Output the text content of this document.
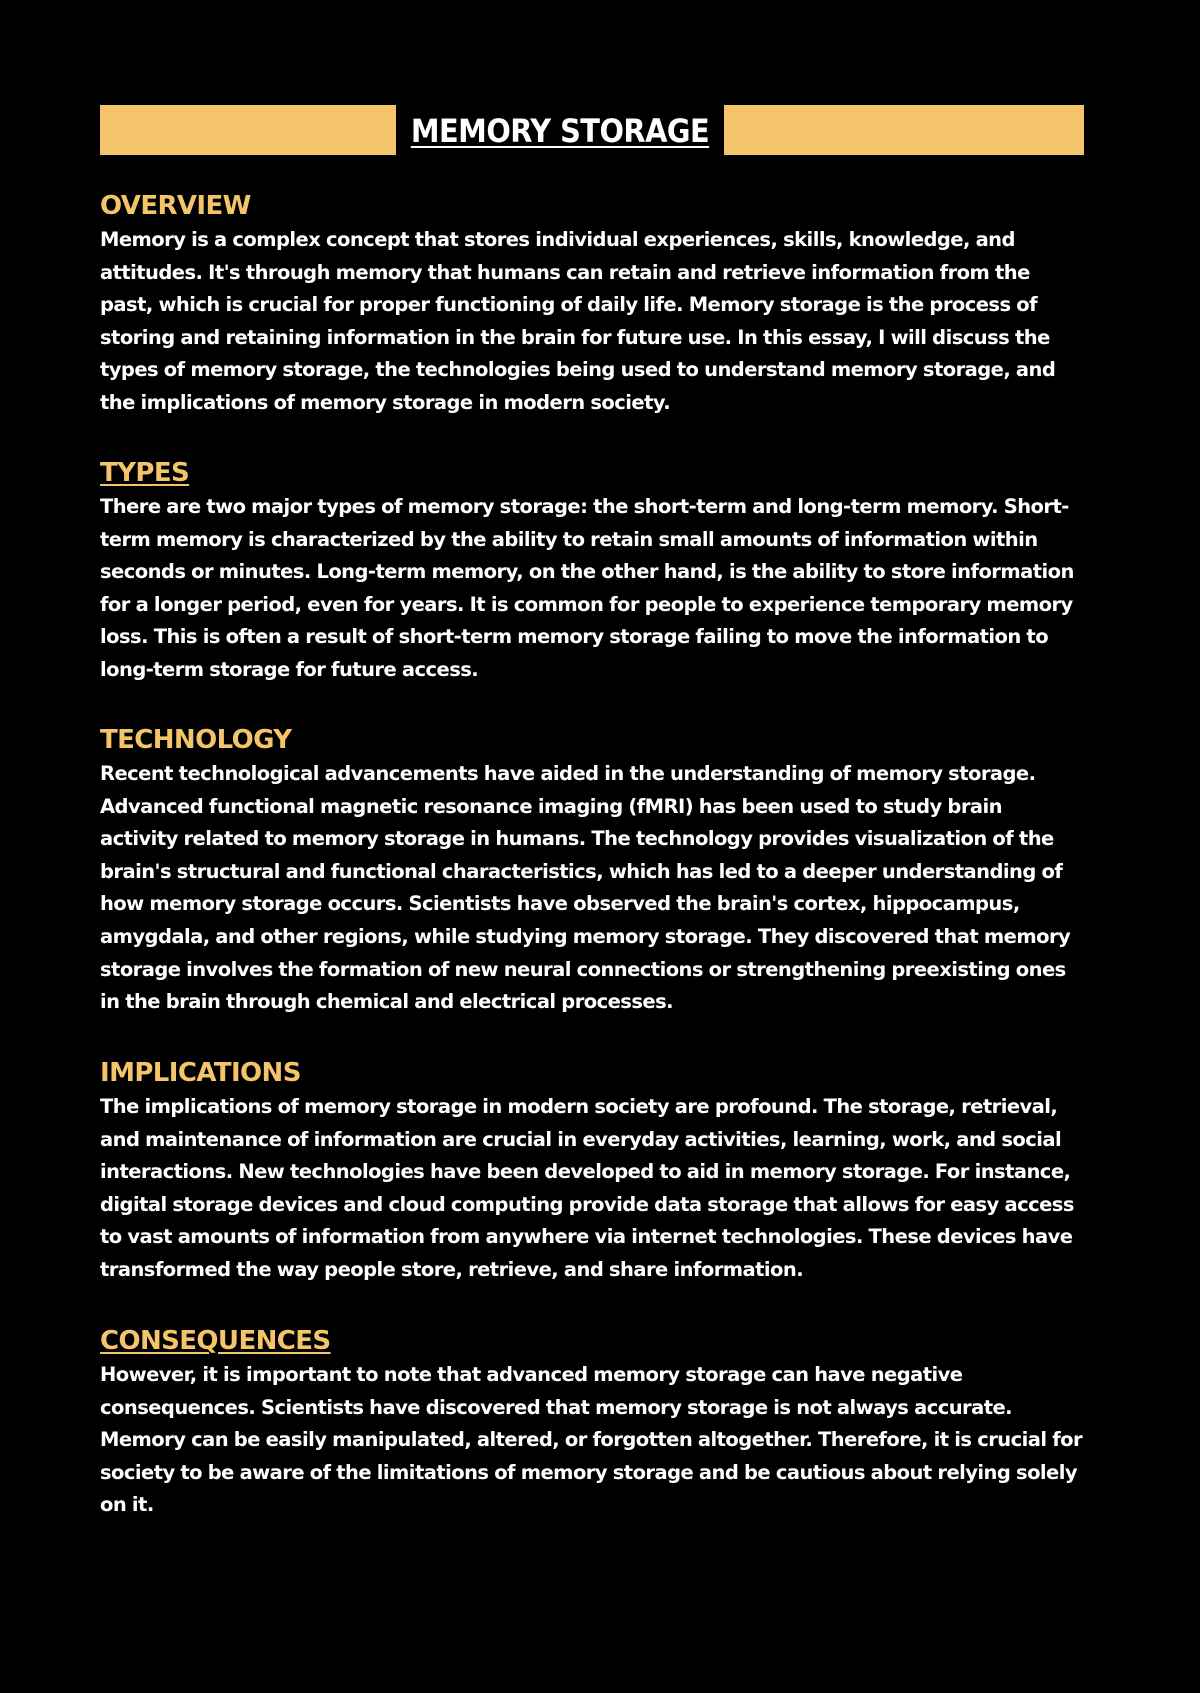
MEMORY STORAGE
OVERVIEW

Memory is a complex concept that stores individual experiences, skills, knowledge, and attitudes. It's through memory that humans can retain and retrieve information from the past, which is crucial for proper functioning of daily life. Memory storage is the process of storing and retaining information in the brain for future use. In this essay, I will discuss the types of memory storage, the technologies being used to understand memory storage, and the implications of memory storage in modern society.

TYPES

There are two major types of memory storage: the short-term and long-term memory. Short-term memory is characterized by the ability to retain small amounts of information within seconds or minutes. Long-term memory, on the other hand, is the ability to store information for a longer period, even for years. It is common for people to experience temporary memory loss. This is often a result of short-term memory storage failing to move the information to long-term storage for future access.

TECHNOLOGY

Recent technological advancements have aided in the understanding of memory storage. Advanced functional magnetic resonance imaging (fMRI) has been used to study brain activity related to memory storage in humans. The technology provides visualization of the brain's structural and functional characteristics, which has led to a deeper understanding of how memory storage occurs. Scientists have observed the brain's cortex, hippocampus, amygdala, and other regions, while studying memory storage. They discovered that memory storage involves the formation of new neural connections or strengthening preexisting ones in the brain through chemical and electrical processes.

IMPLICATIONS

The implications of memory storage in modern society are profound. The storage, retrieval, and maintenance of information are crucial in everyday activities, learning, work, and social interactions. New technologies have been developed to aid in memory storage. For instance, digital storage devices and cloud computing provide data storage that allows for easy access to vast amounts of information from anywhere via internet technologies. These devices have transformed the way people store, retrieve, and share information.

CONSEQUENCES

However, it is important to note that advanced memory storage can have negative consequences. Scientists have discovered that memory storage is not always accurate. Memory can be easily manipulated, altered, or forgotten altogether. Therefore, it is crucial for society to be aware of the limitations of memory storage and be cautious about relying solely on it.
